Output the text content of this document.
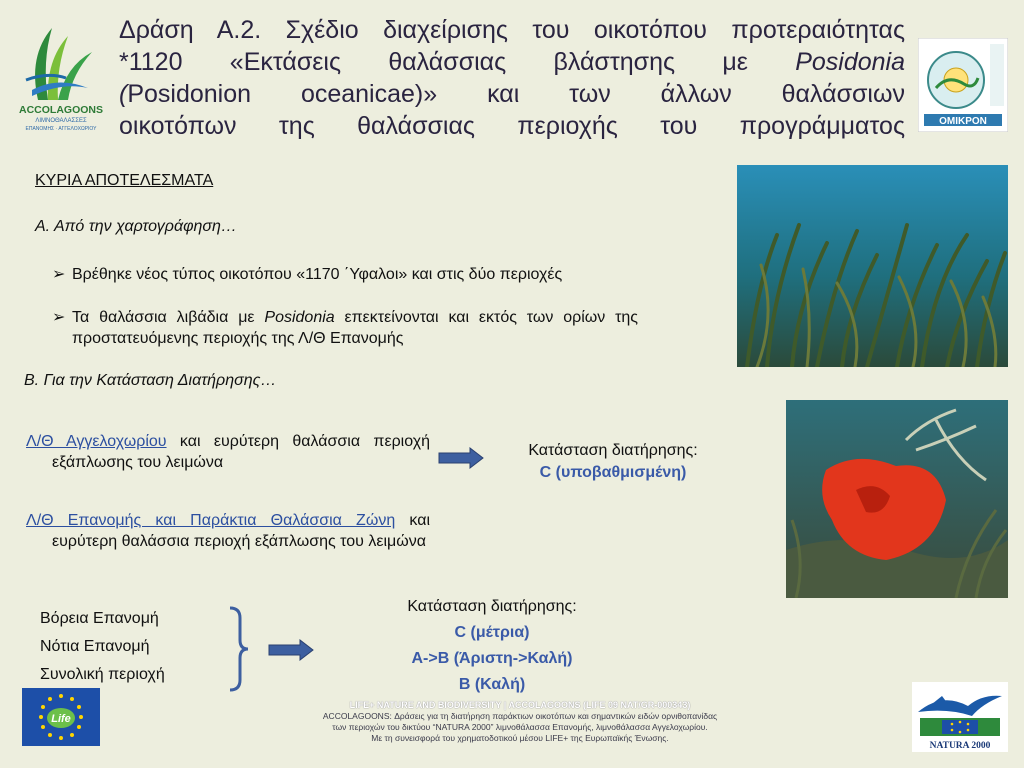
ACCOLAGOONS
ΛΙΜΝΟΘΑΛΑΣΣΕΣ
ΕΠΑΝΟΜΗΣ · ΑΓΓΕΛΟΧΩΡΙΟΥ
Δράση Α.2. Σχέδιο διαχείρισης του οικοτόπου προτεραιότητας
*1120 «Εκτάσεις θαλάσσιας βλάστησης με Posidonia
(Posidonion oceanicae)» και των άλλων θαλάσσιων
οικοτόπων της θαλάσσιας περιοχής του προγράμματος	ΟΜΙΚΡΟΝ
ΚΥΡΙΑ ΑΠΟΤΕΛΕΣΜΑΤΑ
Α. Από την χαρτογράφηση…
➢ Βρέθηκε νέος τύπος οικοτόπου «1170 ΄Υφαλοι» και στις δύο περιοχές
➢ Τα θαλάσσια λιβάδια με Posidonia επεκτείνονται και εκτός των ορίων της προστατευόμενης περιοχής της Λ/Θ Επανομής
Β. Για την Κατάσταση Διατήρησης…
Λ/Θ Αγγελοχωρίου και ευρύτερη θαλάσσια περιοχή εξάπλωσης του λειμώνα
Κατάσταση διατήρησης:
C (υποβαθμισμένη)
Λ/Θ Επανομής και Παράκτια Θαλάσσια Ζώνη και ευρύτερη θαλάσσια περιοχή εξάπλωσης του λειμώνα
Βόρεια Επανομή
Νότια Επανομή
Συνολική περιοχή
Κατάσταση διατήρησης:
C (μέτρια)
A->B (Άριστη->Καλή)
B (Καλή)
Life
LIFE+ NATURE AND BIODIVERSITY | ACCOLAGOONS (LIFE 09 NAT/GR-000343)
ACCOLAGOONS: Δράσεις για τη διατήρηση παράκτιων οικοτόπων και σημαντικών ειδών ορνιθοπανίδας
των περιοχών του δικτύου “NATURA 2000” λιμνοθάλασσα Επανομής, λιμνοθάλασσα Αγγελοχωρίου.
Με τη συνεισφορά του χρηματοδοτικού μέσου LIFE+ της Ευρωπαϊκής Ένωσης.
NATURA 2000
